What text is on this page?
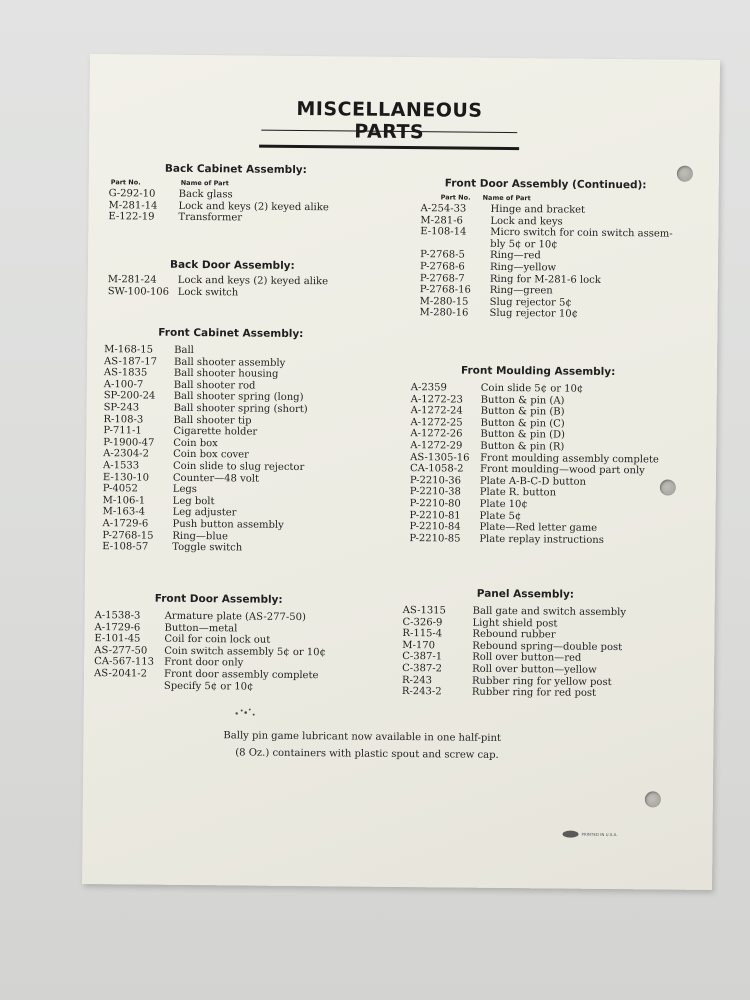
MISCELLANEOUS PARTS
Back Cabinet Assembly:
Part No.	Name of Part
G-292-10	Back glass
M-281-14	Lock and keys (2) keyed alike
E-122-19	Transformer
Back Door Assembly:
M-281-24	Lock and keys (2) keyed alike
SW-100-106 Lock switch
Front Cabinet Assembly:
M-168-15	Ball
AS-187-17	Ball shooter assembly
AS-1835	Ball shooter housing
A-100-7	Ball shooter rod
SP-200-24	Ball shooter spring (long)
SP-243	Ball shooter spring (short)
R-108-3	Ball shooter tip
P-711-1	Cigarette holder
P-1900-47	Coin box
A-2304-2	Coin box cover
A-1533	Coin slide to slug rejector
E-130-10	Counter—48 volt
P-4052	Legs
M-106-1	Leg bolt
M-163-4	Leg adjuster
A-1729-6	Push button assembly
P-2768-15	Ring—blue
E-108-57	Toggle switch
Front Door Assembly:
A-1538-3	Armature plate (AS-277-50)
A-1729-6	Button—metal
E-101-45	Coil for coin lock out
AS-277-50	Coin switch assembly 5¢ or 10¢
CA-567-113	Front door only
AS-2041-2	Front door assembly complete
Specify 5¢ or 10¢
Front Door Assembly (Continued):
Part No.	Name of Part
A-254-33	Hinge and bracket
M-281-6	Lock and keys
E-108-14	Micro switch for coin switch assem-
bly 5¢ or 10¢
P-2768-5	Ring—red
P-2768-6	Ring—yellow
P-2768-7	Ring for M-281-6 lock
P-2768-16	Ring—green
M-280-15	Slug rejector 5¢
M-280-16	Slug rejector 10¢
Front Moulding Assembly:
A-2359	Coin slide 5¢ or 10¢
A-1272-23	Button & pin (A)
A-1272-24	Button & pin (B)
A-1272-25	Button & pin (C)
A-1272-26	Button & pin (D)
A-1272-29	Button & pin (R)
AS-1305-16	Front moulding assembly complete
CA-1058-2	Front moulding—wood part only
P-2210-36	Plate A-B-C-D button
P-2210-38	Plate R. button
P-2210-80	Plate 10¢
P-2210-81	Plate 5¢
P-2210-84	Plate—Red letter game
P-2210-85	Plate replay instructions
Panel Assembly:
AS-1315	Ball gate and switch assembly
C-326-9	Light shield post
R-115-4	Rebound rubber
M-170	Rebound spring—double post
C-387-1	Roll over button—red
C-387-2	Roll over button—yellow
R-243	Rubber ring for yellow post
R-243-2	Rubber ring for red post
Bally pin game lubricant now available in one half-pint
(8 Oz.) containers with plastic spout and screw cap.
PRINTED IN U.S.A.
